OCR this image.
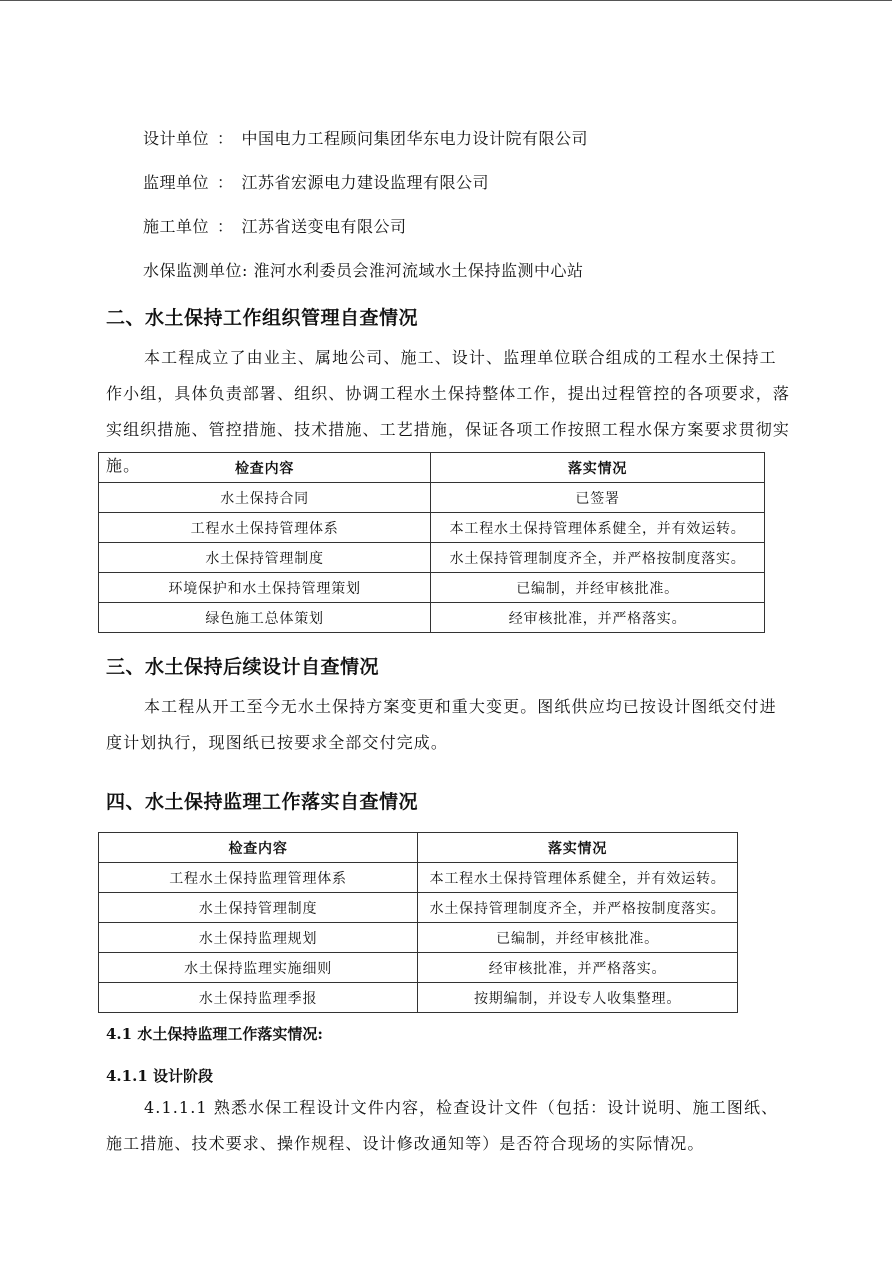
设计单位 ： 中国电力工程顾问集团华东电力设计院有限公司
监理单位 ： 江苏省宏源电力建设监理有限公司
施工单位 ： 江苏省送变电有限公司
水保监测单位: 淮河水利委员会淮河流域水土保持监测中心站
二、水土保持工作组织管理自查情况

本工程成立了由业主、属地公司、施工、设计、监理单位联合组成的工程水土保持工作小组，具体负责部署、组织、协调工程水土保持整体工作，提出过程管控的各项要求，落实组织措施、管控措施、技术措施、工艺措施，保证各项工作按照工程水保方案要求贯彻实施。	检查内容	落实情况
水土保持合同	已签署
工程水土保持管理体系	本工程水土保持管理体系健全，并有效运转。
水土保持管理制度	水土保持管理制度齐全，并严格按制度落实。
环境保护和水土保持管理策划	已编制，并经审核批准。
绿色施工总体策划	经审核批准，并严格落实。
三、水土保持后续设计自查情况

本工程从开工至今无水土保持方案变更和重大变更。图纸供应均已按设计图纸交付进度计划执行，现图纸已按要求全部交付完成。

四、水土保持监理工作落实自查情况
检查内容	落实情况
工程水土保持监理管理体系	本工程水土保持管理体系健全，并有效运转。
水土保持管理制度	水土保持管理制度齐全，并严格按制度落实。
水土保持监理规划	已编制，并经审核批准。
水土保持监理实施细则	经审核批准，并严格落实。
水土保持监理季报	按期编制，并设专人收集整理。
4.1 水土保持监理工作落实情况:
4.1.1 设计阶段

4.1.1.1 熟悉水保工程设计文件内容，检查设计文件（包括：设计说明、施工图纸、施工措施、技术要求、操作规程、设计修改通知等）是否符合现场的实际情况。
